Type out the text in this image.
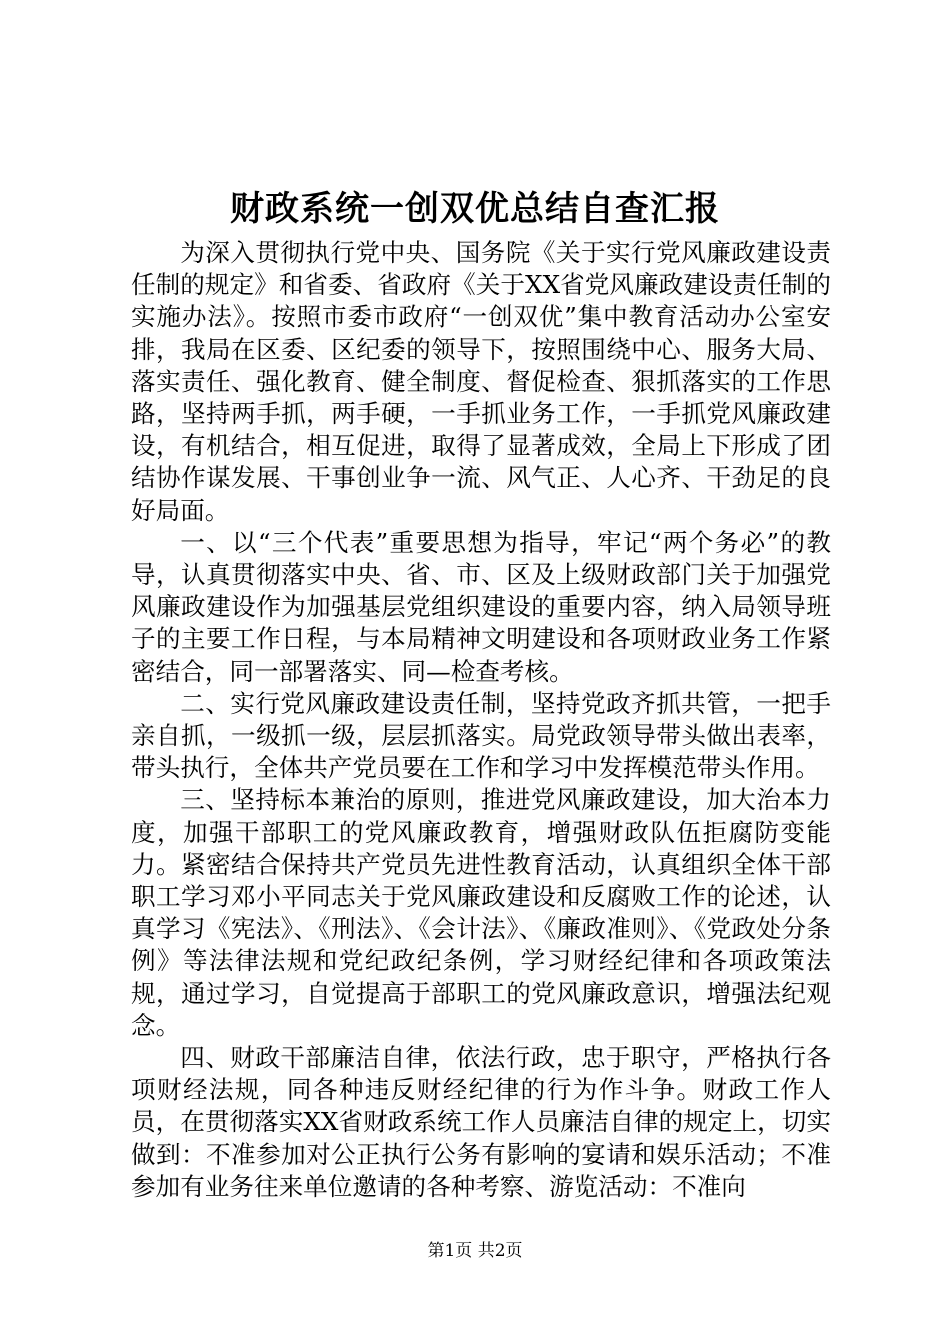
财政系统一创双优总结自查汇报

为深入贯彻执行党中央、国务院《关于实行党风廉政建设责任制的规定》和省委、省政府《关于XX省党风廉政建设责任制的实施办法》。按照市委市政府“一创双优”集中教育活动办公室安排，我局在区委、区纪委的领导下，按照围绕中心、服务大局、落实责任、强化教育、健全制度、督促检查、狠抓落实的工作思路，坚持两手抓，两手硬，一手抓业务工作，一手抓党风廉政建设，有机结合，相互促进，取得了显著成效，全局上下形成了团结协作谋发展、干事创业争一流、风气正、人心齐、干劲足的良好局面。

一、以“三个代表”重要思想为指导，牢记“两个务必”的教导，认真贯彻落实中央、省、市、区及上级财政部门关于加强党风廉政建设作为加强基层党组织建设的重要内容，纳入局领导班子的主要工作日程，与本局精神文明建设和各项财政业务工作紧密结合，同一部署落实、同—检查考核。

二、实行党风廉政建设责任制，坚持党政齐抓共管，一把手亲自抓，一级抓一级，层层抓落实。局党政领导带头做出表率，带头执行，全体共产党员要在工作和学习中发挥模范带头作用。

三、坚持标本兼治的原则，推进党风廉政建设，加大治本力度，加强干部职工的党风廉政教育，增强财政队伍拒腐防变能力。紧密结合保持共产党员先进性教育活动，认真组织全体干部职工学习邓小平同志关于党风廉政建设和反腐败工作的论述，认真学习《宪法》、《刑法》、《会计法》、《廉政准则》、《党政处分条例》等法律法规和党纪政纪条例，学习财经纪律和各项政策法规，通过学习，自觉提高于部职工的党风廉政意识，增强法纪观念。

四、财政干部廉洁自律，依法行政，忠于职守，严格执行各项财经法规，同各种违反财经纪律的行为作斗争。财政工作人员，在贯彻落实XX省财政系统工作人员廉洁自律的规定上，切实做到：不准参加对公正执行公务有影响的宴请和娱乐活动；不准参加有业务往来单位邀请的各种考察、游览活动：不准向

第1页 共2页
